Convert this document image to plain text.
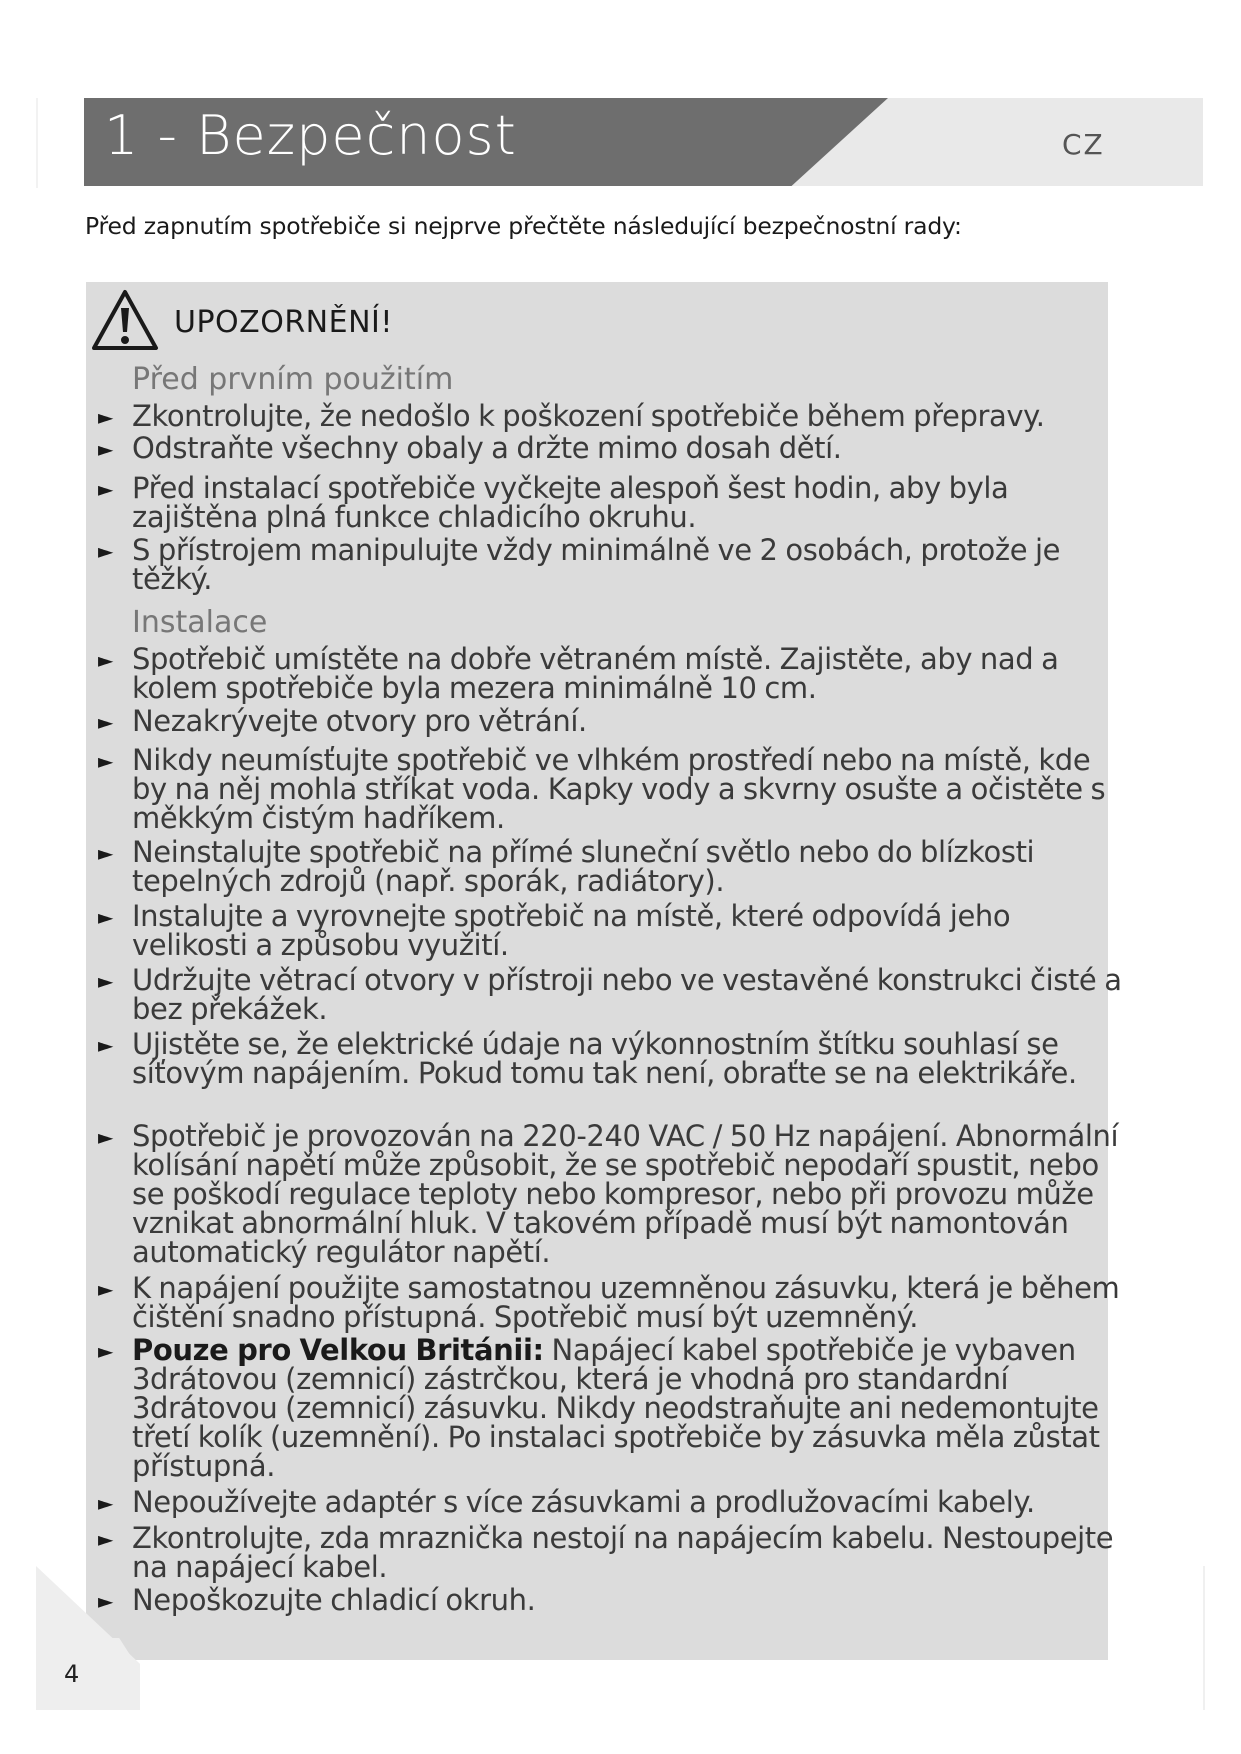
1 - Bezpečnost	CZ
Před zapnutím spotřebiče si nejprve přečtěte následující bezpečnostní rady:
UPOZORNĚNÍ!
Před prvním použitím
► Zkontrolujte, že nedošlo k poškození spotřebiče během přepravy.
► Odstraňte všechny obaly a držte mimo dosah dětí.
► Před instalací spotřebiče vyčkejte alespoň šest hodin, aby byla zajištěna plná funkce chladicího okruhu.
► S přístrojem manipulujte vždy minimálně ve 2 osobách, protože je těžký.
Instalace
► Spotřebič umístěte na dobře větraném místě. Zajistěte, aby nad a kolem spotřebiče byla mezera minimálně 10 cm.
► Nezakrývejte otvory pro větrání.
► Nikdy neumísťujte spotřebič ve vlhkém prostředí nebo na místě, kde by na něj mohla stříkat voda. Kapky vody a skvrny osušte a očistěte s měkkým čistým hadříkem.
► Neinstalujte spotřebič na přímé sluneční světlo nebo do blízkosti tepelných zdrojů (např. sporák, radiátory).
► Instalujte a vyrovnejte spotřebič na místě, které odpovídá jeho velikosti a způsobu využití.
► Udržujte větrací otvory v přístroji nebo ve vestavěné konstrukci čisté a bez překážek.
► Ujistěte se, že elektrické údaje na výkonnostním štítku souhlasí se síťovým napájením. Pokud tomu tak není, obraťte se na elektrikáře.
► Spotřebič je provozován na 220-240 VAC / 50 Hz napájení. Abnormální kolísání napětí může způsobit, že se spotřebič nepodaří spustit, nebo se poškodí regulace teploty nebo kompresor, nebo při provozu může vznikat abnormální hluk. V takovém případě musí být namontován automatický regulátor napětí.
► K napájení použijte samostatnou uzemněnou zásuvku, která je během čištění snadno přístupná. Spotřebič musí být uzemněný.
► Pouze pro Velkou Británii: Napájecí kabel spotřebiče je vybaven 3drátovou (zemnicí) zástrčkou, která je vhodná pro standardní 3drátovou (zemnicí) zásuvku. Nikdy neodstraňujte ani nedemontujte třetí kolík (uzemnění). Po instalaci spotřebiče by zásuvka měla zůstat přístupná.
► Nepoužívejte adaptér s více zásuvkami a prodlužovacími kabely.
► Zkontrolujte, zda mraznička nestojí na napájecím kabelu. Nestoupejte na napájecí kabel.
► Nepoškozujte chladicí okruh.
4
